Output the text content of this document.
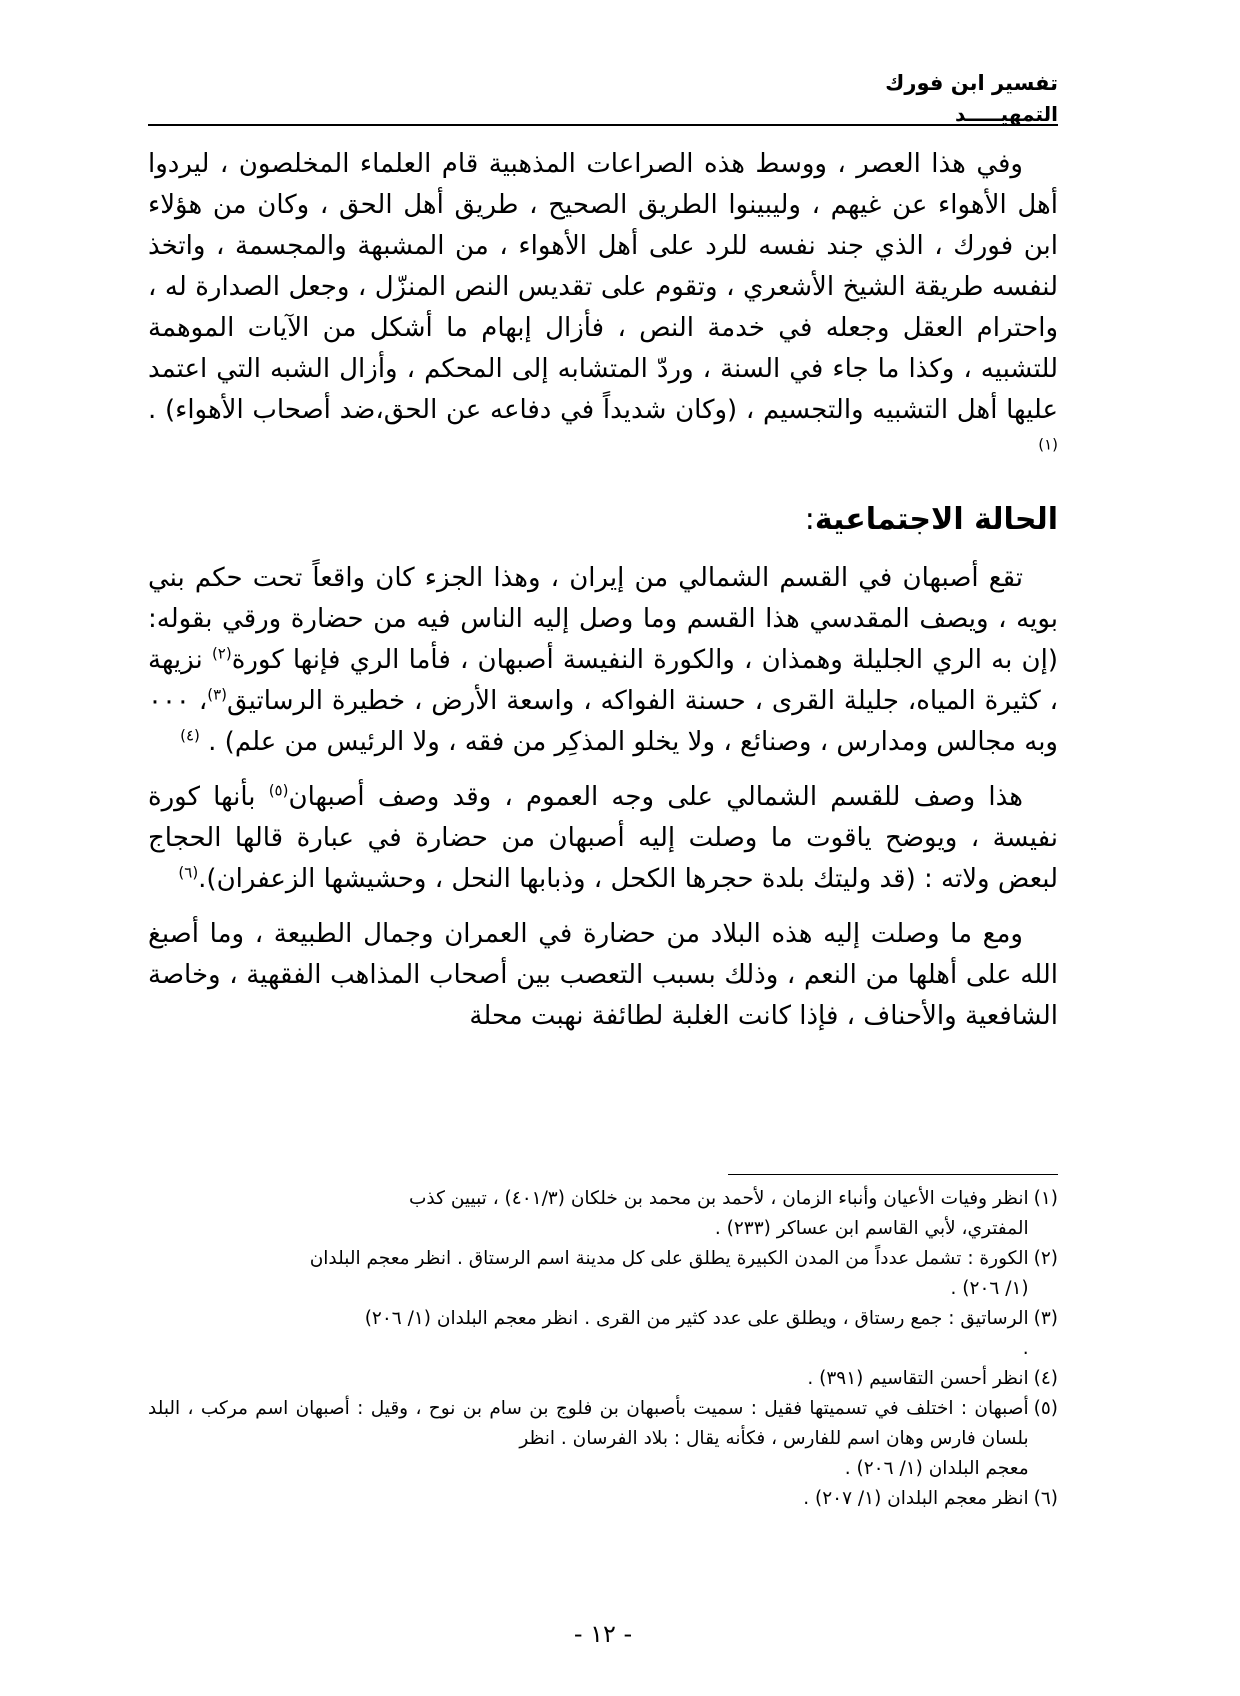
تفسير ابن فورك
التمهيـــــد

وفي هذا العصر ، ووسط هذه الصراعات المذهبية قام العلماء المخلصون ، ليردوا أهل الأهواء عن غيهم ، وليبينوا الطريق الصحيح ، طريق أهل الحق ، وكان من هؤلاء ابن فورك ، الذي جند نفسه للرد على أهل الأهواء ، من المشبهة والمجسمة ، واتخذ لنفسه طريقة الشيخ الأشعري ، وتقوم على تقديس النص المنزّل ، وجعل الصدارة له ، واحترام العقل وجعله في خدمة النص ، فأزال إبهام ما أشكل من الآيات الموهمة للتشبيه ، وكذا ما جاء في السنة ، وردّ المتشابه إلى المحكم ، وأزال الشبه التي اعتمد عليها أهل التشبيه والتجسيم ، (وكان شديداً في دفاعه عن الحق،ضد أصحاب الأهواء) . $^{(١)}$

الحالة الاجتماعية:

تقع أصبهان في القسم الشمالي من إيران ، وهذا الجزء كان واقعاً تحت حكم بني بويه ، ويصف المقدسي هذا القسم وما وصل إليه الناس فيه من حضارة ورقي بقوله: (إن به الري الجليلة وهمذان ، والكورة النفيسة أصبهان ، فأما الري فإنها كورة$^{(٢)}$ نزيهة ، كثيرة المياه، جليلة القرى ، حسنة الفواكه ، واسعة الأرض ، خطيرة الرساتيق$^{(٣)}$، ٠٠٠ وبه مجالس ومدارس ، وصنائع ، ولا يخلو المذكِر من فقه ، ولا الرئيس من علم) . $^{(٤)}$

هذا وصف للقسم الشمالي على وجه العموم ، وقد وصف أصبهان$^{(٥)}$ بأنها كورة نفيسة ، ويوضح ياقوت ما وصلت إليه أصبهان من حضارة في عبارة قالها الحجاج لبعض ولاته : (قد وليتك بلدة حجرها الكحل ، وذبابها النحل ، وحشيشها الزعفران).$^{(٦)}$

ومع ما وصلت إليه هذه البلاد من حضارة في العمران وجمال الطبيعة ، وما أصبغ الله على أهلها من النعم ، وذلك بسبب التعصب بين أصحاب المذاهب الفقهية ، وخاصة الشافعية والأحناف ، فإذا كانت الغلبة لطائفة نهبت محلة

(١)
انظر وفيات الأعيان وأنباء الزمان ، لأحمد بن محمد بن خلكان (٤٠١/٣) ، تبيين كذب
المفتري، لأبي القاسم ابن عساكر (٢٣٣) .
(٢)
الكورة : تشمل عدداً من المدن الكبيرة يطلق على كل مدينة اسم الرستاق . انظر معجم البلدان
(١/ ٢٠٦) .
(٣)
الرساتيق : جمع رستاق ، ويطلق على عدد كثير من القرى . انظر معجم البلدان (١/ ٢٠٦)
.
(٤)
انظر أحسن التقاسيم (٣٩١) .
(٥)
أصبهان : اختلف في تسميتها فقيل : سميت بأصبهان بن فلوج بن سام بن نوح ، وقيل : أصبهان اسم مركب ، البلد بلسان فارس وهان اسم للفارس ، فكأنه يقال : بلاد الفرسان . انظر
معجم البلدان (١/ ٢٠٦) .
(٦)
انظر معجم البلدان (١/ ٢٠٧) .
- ١٢ -
